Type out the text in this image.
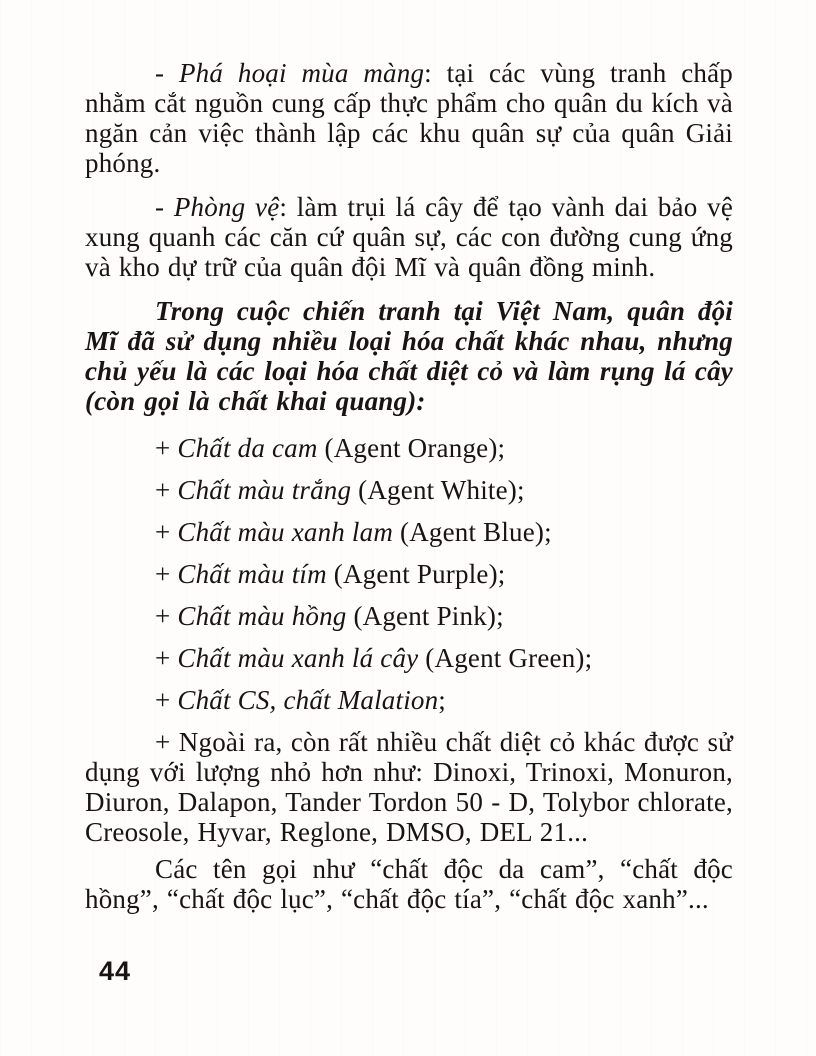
- Phá hoại mùa màng: tại các vùng tranh chấp nhằm cắt nguồn cung cấp thực phẩm cho quân du kích và ngăn cản việc thành lập các khu quân sự của quân Giải phóng.

- Phòng vệ: làm trụi lá cây để tạo vành dai bảo vệ xung quanh các căn cứ quân sự, các con đường cung ứng và kho dự trữ của quân đội Mĩ và quân đồng minh.

Trong cuộc chiến tranh tại Việt Nam, quân đội Mĩ đã sử dụng nhiều loại hóa chất khác nhau, nhưng chủ yếu là các loại hóa chất diệt cỏ và làm rụng lá cây (còn gọi là chất khai quang):

+ Chất da cam (Agent Orange);

+ Chất màu trắng (Agent White);

+ Chất màu xanh lam (Agent Blue);

+ Chất màu tím (Agent Purple);

+ Chất màu hồng (Agent Pink);

+ Chất màu xanh lá cây (Agent Green);

+ Chất CS, chất Malation;

+ Ngoài ra, còn rất nhiều chất diệt cỏ khác được sử dụng với lượng nhỏ hơn như: Dinoxi, Trinoxi, Monuron, Diuron, Dalapon, Tander Tordon 50 - D, Tolybor chlorate, Creosole, Hyvar, Reglone, DMSO, DEL 21...

Các tên gọi như “chất độc da cam”, “chất độc hồng”, “chất độc lục”, “chất độc tía”, “chất độc xanh”...

44
